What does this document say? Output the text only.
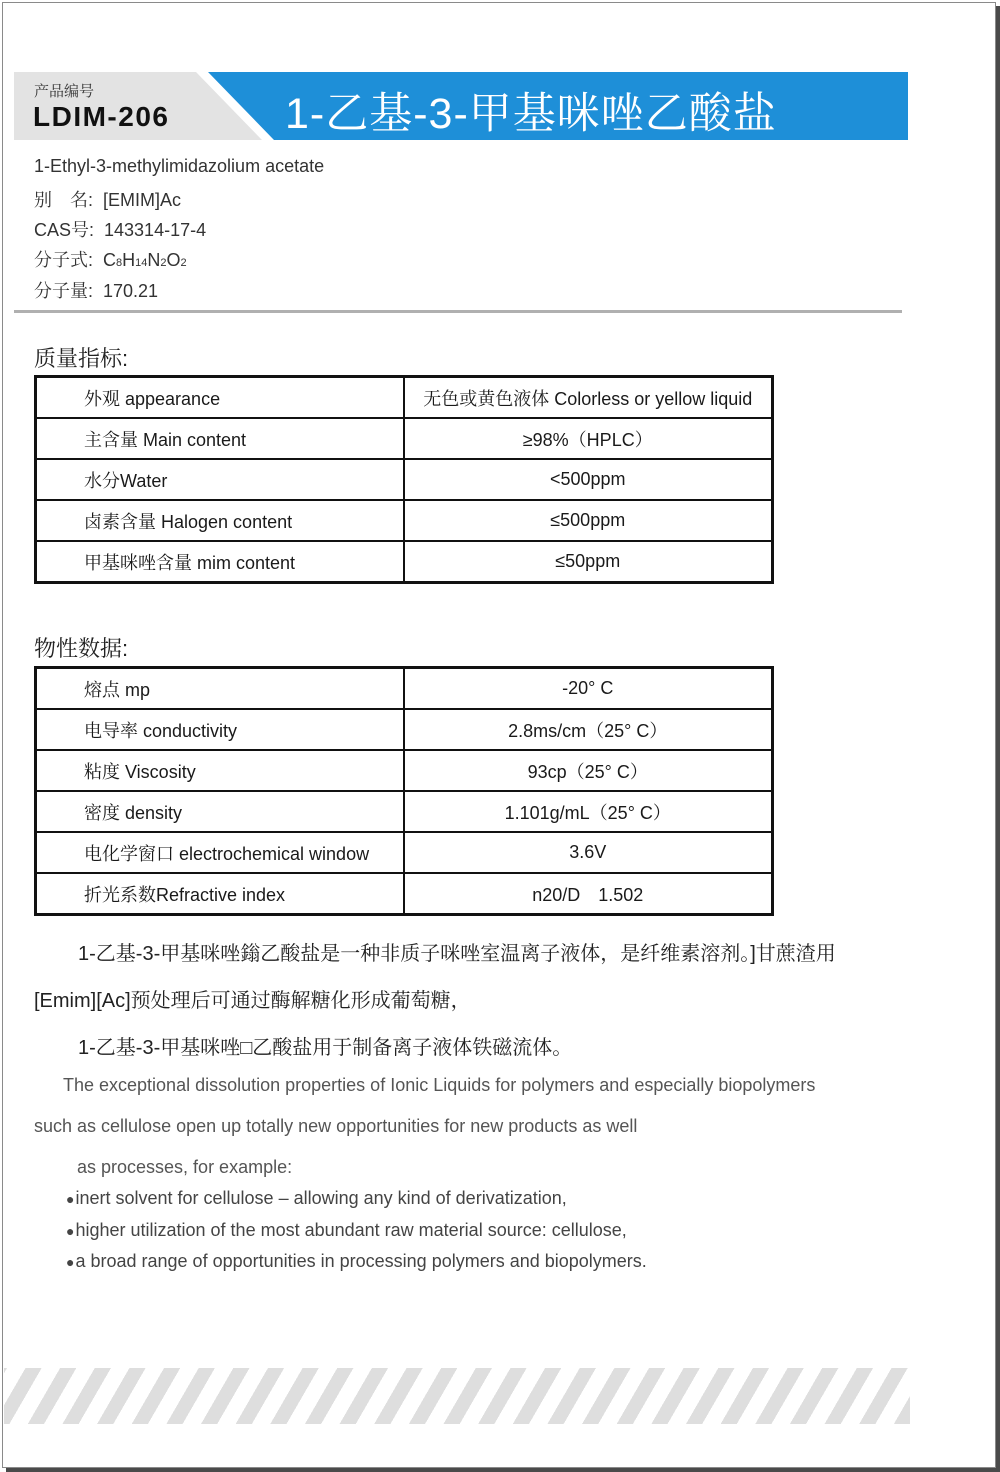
产品编号
LDIM-206	1-乙基-3-甲基咪唑乙酸盐
1-Ethyl-3-methylimidazolium acetate
别　名: [EMIM]Ac
CAS号: 143314-17-4
分子式: C8H14N2O2
分子量: 170.21
质量指标:
外观 appearance	无色或黄色液体 Colorless or yellow liquid
主含量 Main content	≥98%（HPLC）
水分Water	<500ppm
卤素含量 Halogen content	≤500ppm
甲基咪唑含量 mim content	≤50ppm
物性数据:
熔点 mp	-20° C
电导率 conductivity	2.8ms/cm（25° C）
粘度 Viscosity	93cp（25° C）
密度 density	1.101g/mL（25° C）
电化学窗口 electrochemical window	3.6V
折光系数Refractive index	n20/D　1.502
1-乙基-3-甲基咪唑鎓乙酸盐是一种非质子咪唑室温离子液体，是纤维素溶剂。]甘蔗渣用
[Emim][Ac]预处理后可通过酶解糖化形成葡萄糖，
1-乙基-3-甲基咪唑□乙酸盐用于制备离子液体铁磁流体。
The exceptional dissolution properties of Ionic Liquids for polymers and especially biopolymers
such as cellulose open up totally new opportunities for new products as well
as processes, for example:
●inert solvent for cellulose – allowing any kind of derivatization,
●higher utilization of the most abundant raw material source: cellulose,
●a broad range of opportunities in processing polymers and biopolymers.
